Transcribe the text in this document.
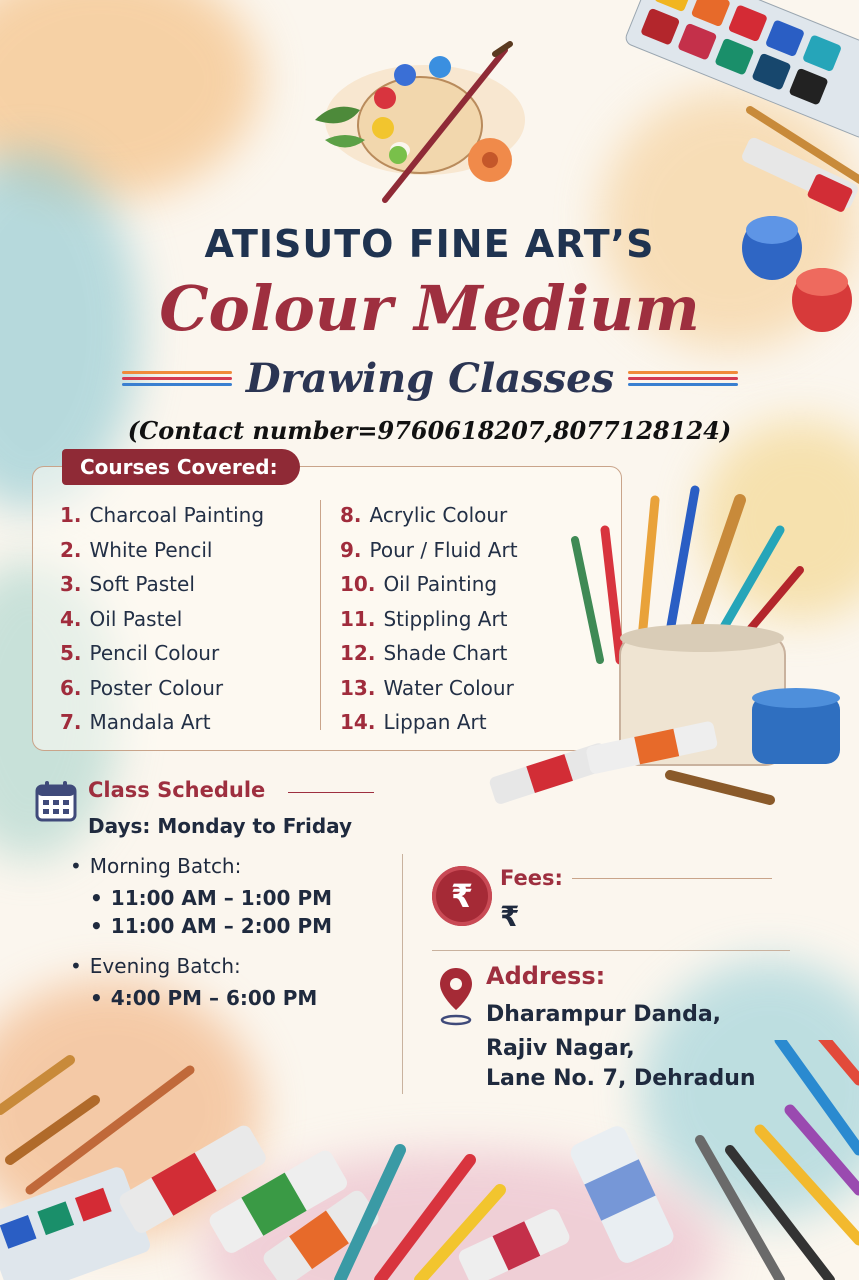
ATISUTO FINE ART’S
Colour Medium
Drawing Classes
(Contact number=9760618207,8077128124)
Courses Covered:
1. Charcoal Painting
2. White Pencil
3. Soft Pastel
4. Oil Pastel
5. Pencil Colour
6. Poster Colour
7. Mandala Art
8. Acrylic Colour
9. Pour / Fluid Art
10. Oil Painting
11. Stippling Art
12. Shade Chart
13. Water Colour
14. Lippan Art
Class Schedule
Days: Monday to Friday
• Morning Batch:
• 11:00 AM – 1:00 PM
• 11:00 AM – 2:00 PM
• Evening Batch:
• 4:00 PM – 6:00 PM
₹	Fees:
₹
Address:
Dharampur Danda,
Rajiv Nagar,
Lane No. 7, Dehradun
